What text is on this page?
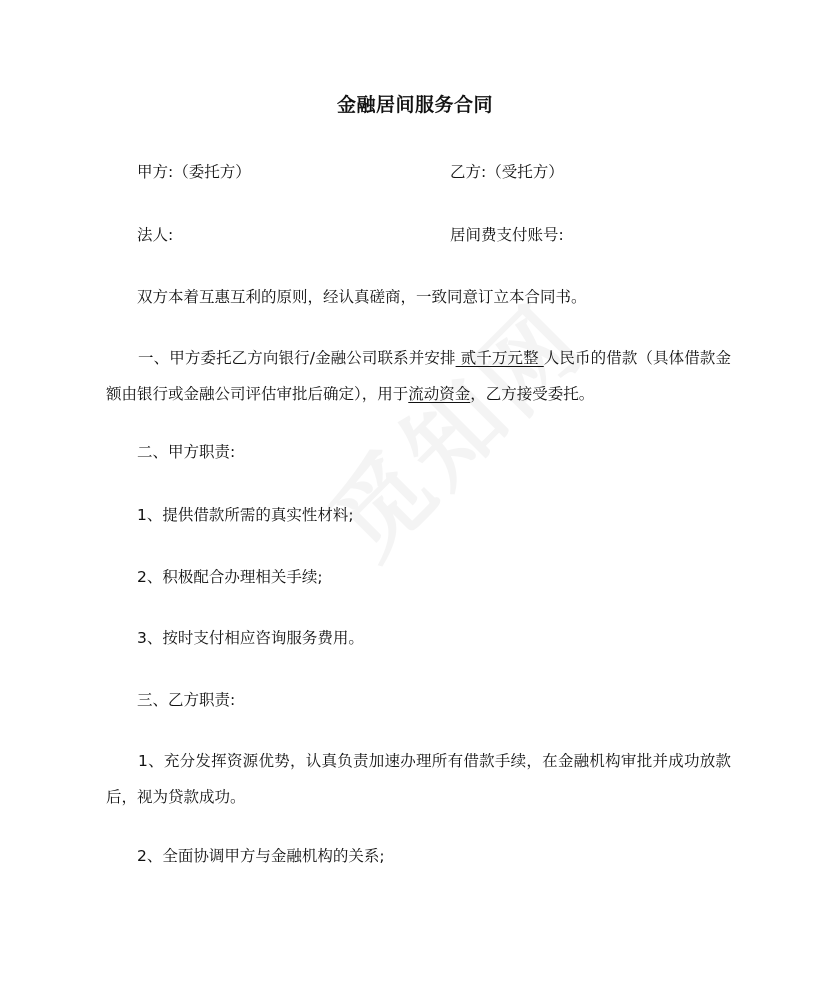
金融居间服务合同
甲方:（委托方）	乙方:（受托方）
法人:	居间费支付账号:
双方本着互惠互利的原则，经认真磋商，一致同意订立本合同书。
一、甲方委托乙方向银行/金融公司联系并安排 贰千万元整 人民币的借款（具体借款金额由银行或金融公司评估审批后确定），用于流动资金，乙方接受委托。
二、甲方职责:
1、提供借款所需的真实性材料;
2、积极配合办理相关手续;
3、按时支付相应咨询服务费用。
三、乙方职责:
1、充分发挥资源优势，认真负责加速办理所有借款手续，在金融机构审批并成功放款后，视为贷款成功。
2、全面协调甲方与金融机构的关系;
